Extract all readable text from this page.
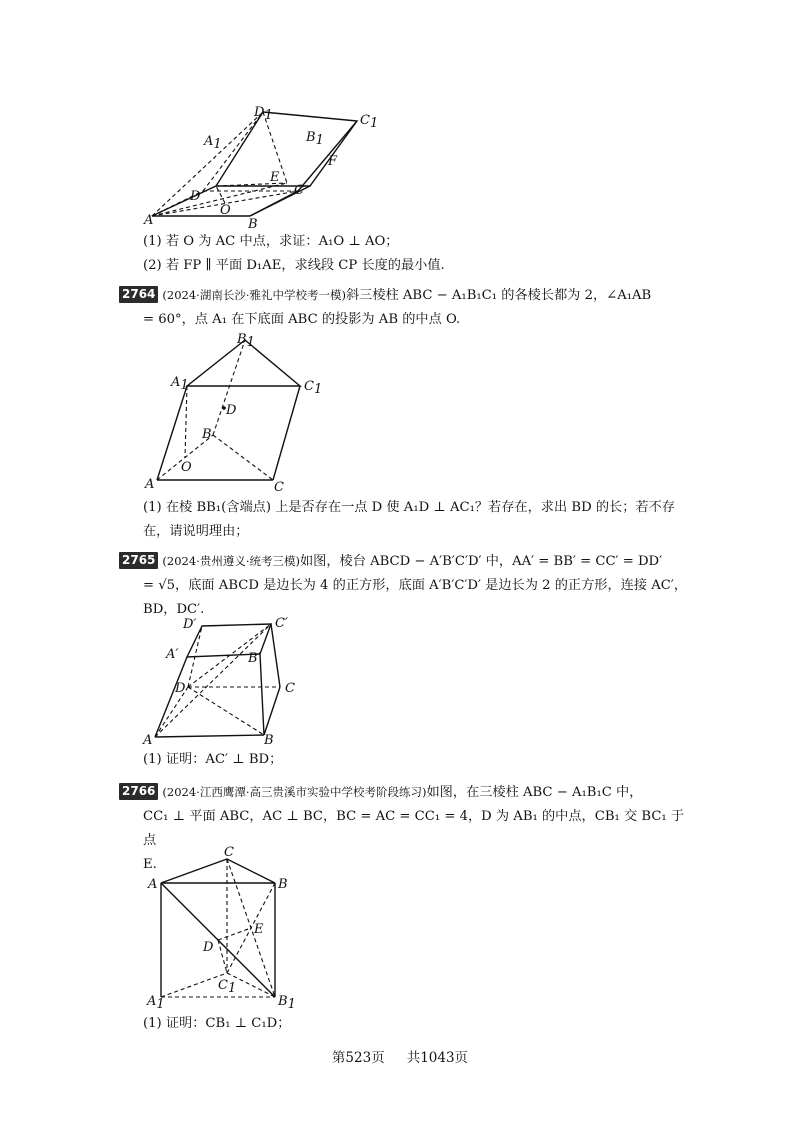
D1	C1
A1	B1
F
E
C
D
O
A	B
(1) 若 O 为 AC 中点，求证：A₁O ⊥ AO；
(2) 若 FP ∥ 平面 D₁AE，求线段 CP 长度的最小值.
2764 (2024·湖南长沙·雅礼中学校考一模)斜三棱柱 ABC − A₁B₁C₁ 的各棱长都为 2，∠A₁AB
= 60°，点 A₁ 在下底面 ABC 的投影为 AB 的中点 O.
B1
A1	C1
D
B
O
A	C
(1) 在棱 BB₁(含端点) 上是否存在一点 D 使 A₁D ⊥ AC₁？若存在，求出 BD 的长；若不存
在，请说明理由；
2765 (2024·贵州遵义·统考三模)如图，棱台 ABCD − A′B′C′D′ 中，AA′ = BB′ = CC′ = DD′
= √5，底面 ABCD 是边长为 4 的正方形，底面 A′B′C′D′ 是边长为 2 的正方形，连接 AC′，
BD，DC′.
D′	C′
A′	B′
D	C
A	B
(1) 证明：AC′ ⊥ BD；
2766 (2024·江西鹰潭·高三贵溪市实验中学校考阶段练习)如图，在三棱柱 ABC − A₁B₁C 中，
CC₁ ⊥ 平面 ABC，AC ⊥ BC，BC = AC = CC₁ = 4，D 为 AB₁ 的中点，CB₁ 交 BC₁ 于点
E.
C
A	B
E
D
C1
A1	B1
(1) 证明：CB₁ ⊥ C₁D；
第523页 共1043页
